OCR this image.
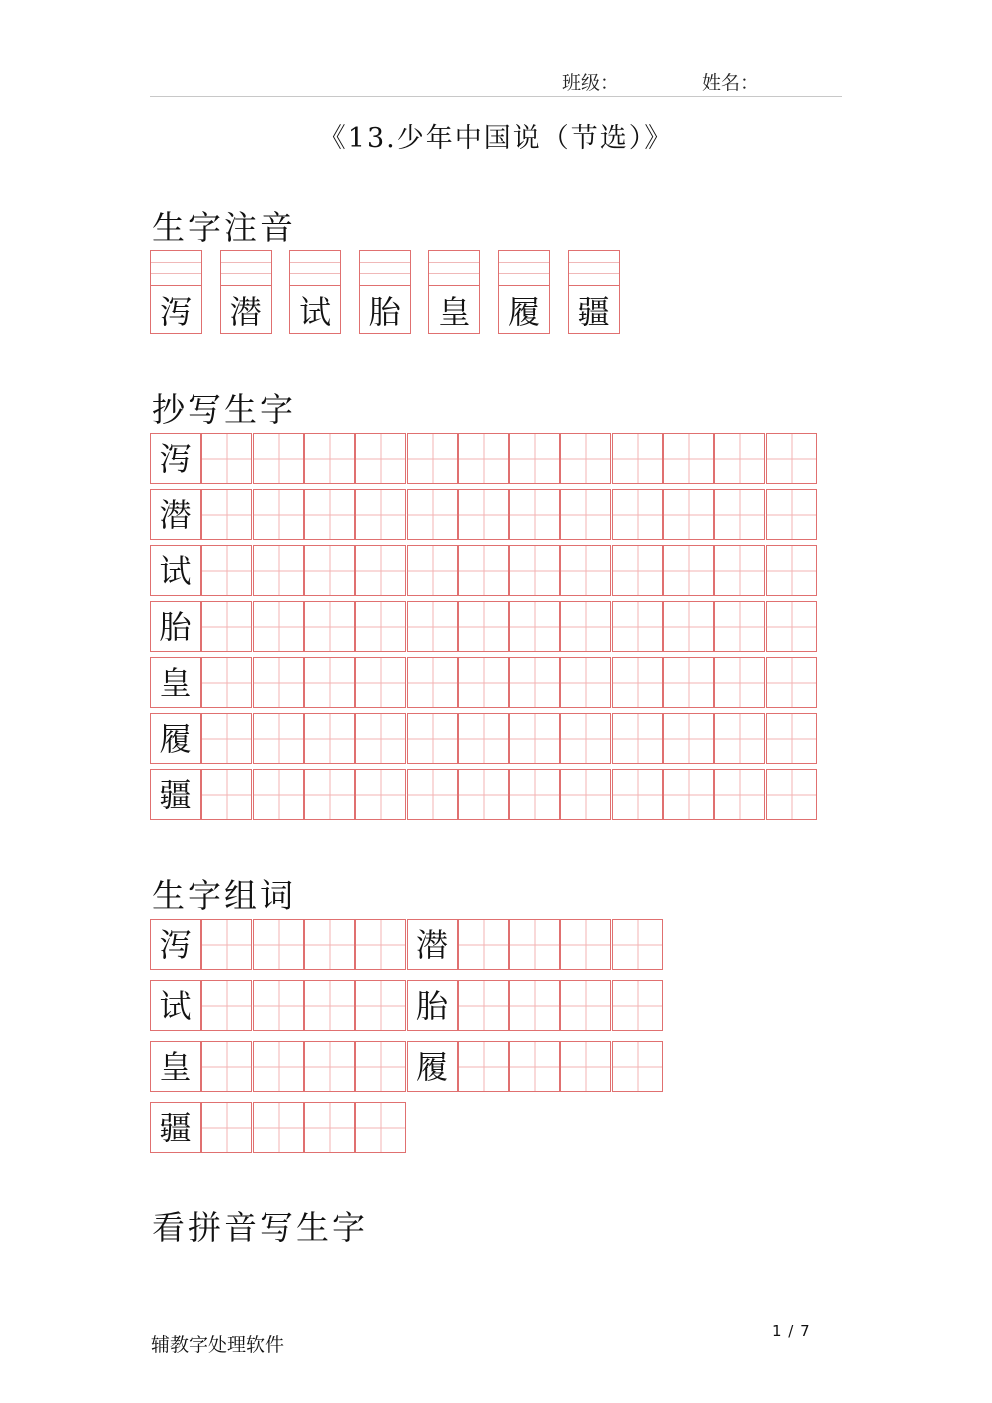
班级：	姓名：
《13.少年中国说（节选）》
生字注音
泻	潜	试	胎	皇	履	疆
抄写生字
泻
潜
试
胎
皇
履
疆
生字组词
泻	潜
试	胎
皇	履
疆
看拼音写生字
辅教字处理软件
1 / 7
